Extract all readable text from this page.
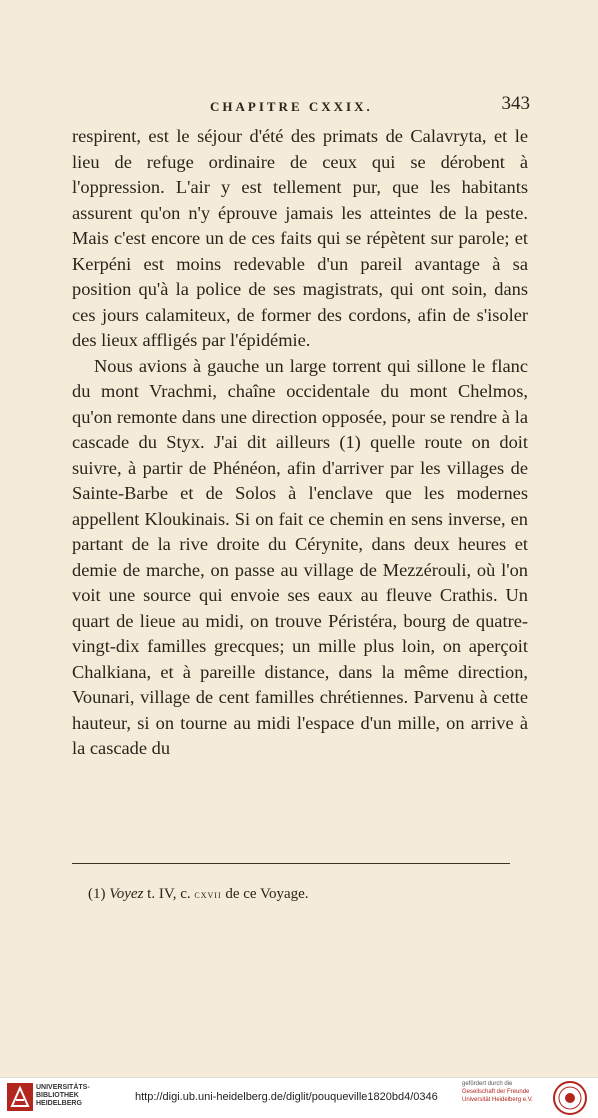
CHAPITRE CXXIX.	343

respirent, est le séjour d'été des primats de Calavryta, et le lieu de refuge ordinaire de ceux qui se dérobent à l'oppression. L'air y est tellement pur, que les habitants assurent qu'on n'y éprouve jamais les atteintes de la peste. Mais c'est encore un de ces faits qui se répètent sur parole; et Kerpéni est moins redevable d'un pareil avantage à sa position qu'à la police de ses magistrats, qui ont soin, dans ces jours calamiteux, de former des cordons, afin de s'isoler des lieux affligés par l'épidémie.

Nous avions à gauche un large torrent qui sillone le flanc du mont Vrachmi, chaîne occidentale du mont Chelmos, qu'on remonte dans une direction opposée, pour se rendre à la cascade du Styx. J'ai dit ailleurs (1) quelle route on doit suivre, à partir de Phénéon, afin d'arriver par les villages de Sainte-Barbe et de Solos à l'enclave que les modernes appellent Kloukinais. Si on fait ce chemin en sens inverse, en partant de la rive droite du Cérynite, dans deux heures et demie de marche, on passe au village de Mezzérouli, où l'on voit une source qui envoie ses eaux au fleuve Crathis. Un quart de lieue au midi, on trouve Péristéra, bourg de quatre-vingt-dix familles grecques; un mille plus loin, on aperçoit Chalkiana, et à pareille distance, dans la même direction, Vounari, village de cent familles chrétiennes. Parvenu à cette hauteur, si on tourne au midi l'espace d'un mille, on arrive à la cascade du

(1) Voyez t. IV, c. cxvii de ce Voyage.
UNIVERSITÄTS-
BIBLIOTHEK
HEIDELBERG
http://digi.ub.uni-heidelberg.de/diglit/pouqueville1820bd4/0346
gefördert durch die
Gesellschaft der Freunde
Universität Heidelberg e.V.
